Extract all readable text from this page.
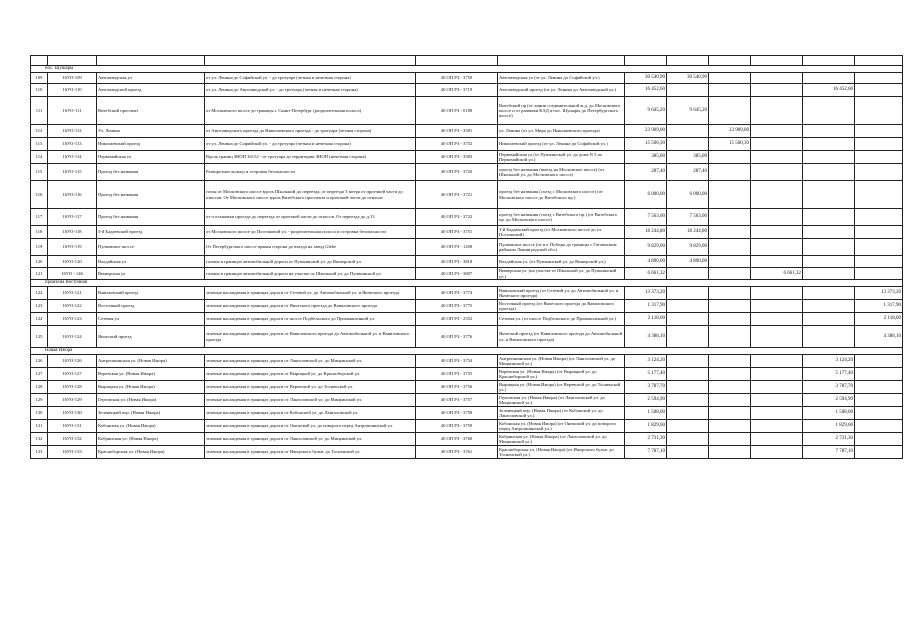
пос. Шушары											
109	16УО-109	Автозаводская ул	от ул. Ленина до Софийской ул. - до тротуара (четная и нечетная сторона)	40 ОП РЗ - 3750	Автозаводская ул (от ул. Ленина до Софийской ул.)	30 540,90	30 540,90				
110	16УО-110	Автозаводской проезд	от ул. Ленина до Автозаводской ул. - до тротуара (четная и нечетная сторона)	40 ОП РЗ - 3719	Автозаводский проезд (от ул. Ленина до Автозаводской ул.)	16 452,60				16 452,60	
111	16УО-111	Витебский проспект	от Московского шоссе до границы г. Санкт-Петербург (разделительная полоса)	40 ОП РЗ - 0188	Витебский пр (от линии соединительной ж.д. до Московского шоссе и от развязки КАД в пос. Шушары до Петербургского шоссе)	9 645,20	9 645,20				
112	16УО-112	Ул. Ленина	от Автозаводского проезда до Николаевского проезда - до тротуара (четная сторона)	40 ОП РЗ - 3581	ул. Ленина (от ул. Мира до Николаевского проезда)	23 909,00		23 909,00			
113	16УО-113	Николаевский проезд	от ул. Ленина до Софийской ул. - до тротуара (четная и нечетная сторона)	40 ОП РЗ - 3752	Николаевский проезд (от ул. Ленина до Софийской ул.)	15 500,30		15 500,30			
114	16УО-114	Первомайская ул	Вдоль границ ЗНОП 16152 - от тротуара до территории ЗНОП (нечетная сторона)	40 ОП РЗ - 3583	Первомайская ул (от Пушкинской ул. до дома N 5 по Первомайской ул.)	385,00	385,00				
115	16УО-115	Проезд без названия	Разворотное кольцо и островок безопасности	40 ОП РЗ - 3720	проезд без названия (выезд на Московское шоссе) (от Школьной ул. до Московского шоссе)	287,40	287,40				
116	16УО-116	Проезд без названия	газон от Московского шоссе вдоль Школьной до переезда, от переезда 3 метра от проезжей части до откосов. От Московского шоссе вдоль Витебского проспекта и проезжей части до откосов	40 ОП РЗ - 3721	проезд без названия (съезд с Московского шоссе) (от Московского шоссе до Витебского пр.)	6 000,00	6 000,00				
117	16УО-117	Проезд без названия	от состыковки проезда до переезда от проезжей части до откосов. От переезда до д.13	40 ОП РЗ - 3722	проезд без названия (съезд с Витебского пр.) (от Витебского пр. до Московского шоссе)	7 563,00	7 563,00				
118	16УО-118	3-й Бадаевский проезд	от Московского шоссе до Поселковой ул. - разделительная полоса и островки безопасности	40 ОП РЗ - 3751	3-й Бадаевский проезд (от Московского шоссе до ул. Поселковой)	18 244,80	18 244,80				
119	16УО-119	Пулковское шоссе	От Петербургского шоссе правая сторона до въезда на завод Glebe	40 ОП РЗ - 1208	Пулковское шоссе (от пл. Победы до границы с Гатчинским районом Ленинградской обл.)	9 829,00	9 829,00				
120	16УО-120	Валдайская ул	газоны в границах автомобильной дороги от Пушкинской ул. до Вишерской ул.	40 ОП РЗ - 3818	Валдайская ул. (от Пушкинской ул. до Вишерской ул.)	4 890,00	4 890,00				
121	16УО - 146	Вишерская ул	газоны в границах автомобильной дороги на участке от Школьной ул. до Пушкинской ул.	40 ОП РЗ - 3807	Вишерская ул. (на участке от Школьной ул. до Пушкинской ул.)	6 661,32			6 661,32		
промзона Восточная											
122	16УО-121	Вавиловский проезд	зеленые насаждения в границах дороги от Сетевой ул. до Автомобильной ул. и Янческого проезда	40 ОП РЗ - 3774	Вавиловский проезд (от Сетевой ул. до Автомобильной ул. и Янческого проезда)	13 373,20					13 373,20
123	16УО-122	Восточный проезд	зеленые насаждения в границах дороги от Янческого проезда до Вавиловского проезда	40 ОП РЗ - 3775	Восточный проезд (от Янческого проезда до Вавиловского проезда)	1 317,90					1 317,90
124	16УО-123	Сетевая ул	зеленые насаждения в границах дороги от шоссе Подбельского до Промышленной ул.	40 ОП РЗ - 2352	Сетевая ул. (от шоссе Подбельского до Промышленной ул.)	2 118,00					2 118,00
125	16УО-124	Янческий проезд	зеленые насаждения в границах дороги от Вавиловского проезда до Автомобильной ул. и Вавиловского проезда	40 ОП РЗ - 3776	Янческий проезд (от Вавиловского проезда до Автомобильной ул. и Вавиловского проезда)	4 388,10					4 388,10
Новая Ижора											
126	16УО-126	Антропшинская ул. (Новая Ижора)	зеленые насаждения в границах дороги от Ланголовской ул. до Мицкинской ул.	40 ОП РЗ - 3754	Антропшинская ул. (Новая Ижора) (от Ланголовской ул. до Мицкинской ул.)	3 124,20				3 124,20	
127	16УО-127	Веревская ул. (Новая Ижора)	зеленые насаждения в границах дороги от Вырицкой ул. до Красноборской ул.	40 ОП РЗ - 3755	Веревская ул. (Новая Ижора) (от Вырицкой ул. до Красноборской ул.)	5 177,40				5 177,40	
128	16УО-128	Вырицкая ул. (Новая Ижора)	зеленые насаждения в границах дороги от Веревской ул. до Тосненской ул.	40 ОП РЗ - 3756	Вырицкая ул. (Новая Ижора) (от Веревской ул. до Тосненской ул.)	3 787,70				3 787,70	
129	16УО-129	Гертовская ул. (Новая Ижора)	зеленые насаждения в границах дороги от Ланголовской ул. до Мицкинской ул.	40 ОП РЗ - 3757	Гертовская ул. (Новая Ижора) (от Ланголовской ул. до Мицкинской ул.)	2 594,90				2 594,90	
130	16УО-130	Зеленецкий пер. (Новая Ижора)	зеленые насаждения в границах дороги от Кобонской ул. до Ланголовской ул.	40 ОП РЗ - 3758	Зеленецкий пер. (Новая Ижора) (от Кобонской ул. до Ланголовской ул.)	1 508,00				1 508,00	
131	16УО-131	Кобонская ул. (Новая Ижора)	зеленые насаждения в границах дороги от Онежской ул. до поворота перед Антропшинской ул.	40 ОП РЗ - 3759	Кобонская ул. (Новая Ижора) (от Онежской ул. до поворота перед Антропшинской ул.)	1 829,60				1 829,60	
132	16УО-132	Кобринская ул. (Новая Ижора)	зеленые насаждения в границах дороги от Ланголовской ул. до Мицкинской ул.	40 ОП РЗ - 3760	Кобринская ул. (Новая Ижора) (от Ланголовской ул. до Мицкинской ул.)	2 731,30				2 731,30	
133	16УО-133	Красноборская ул. (Новая Ижора)	зеленые насаждения в границах дороги от Ижорского бульв. до Тосненской ул.	40 ОП РЗ - 3761	Красноборская ул. (Новая Ижора) (от Ижорского бульв. до Тосненской ул.)	7 787,10				7 787,10	
